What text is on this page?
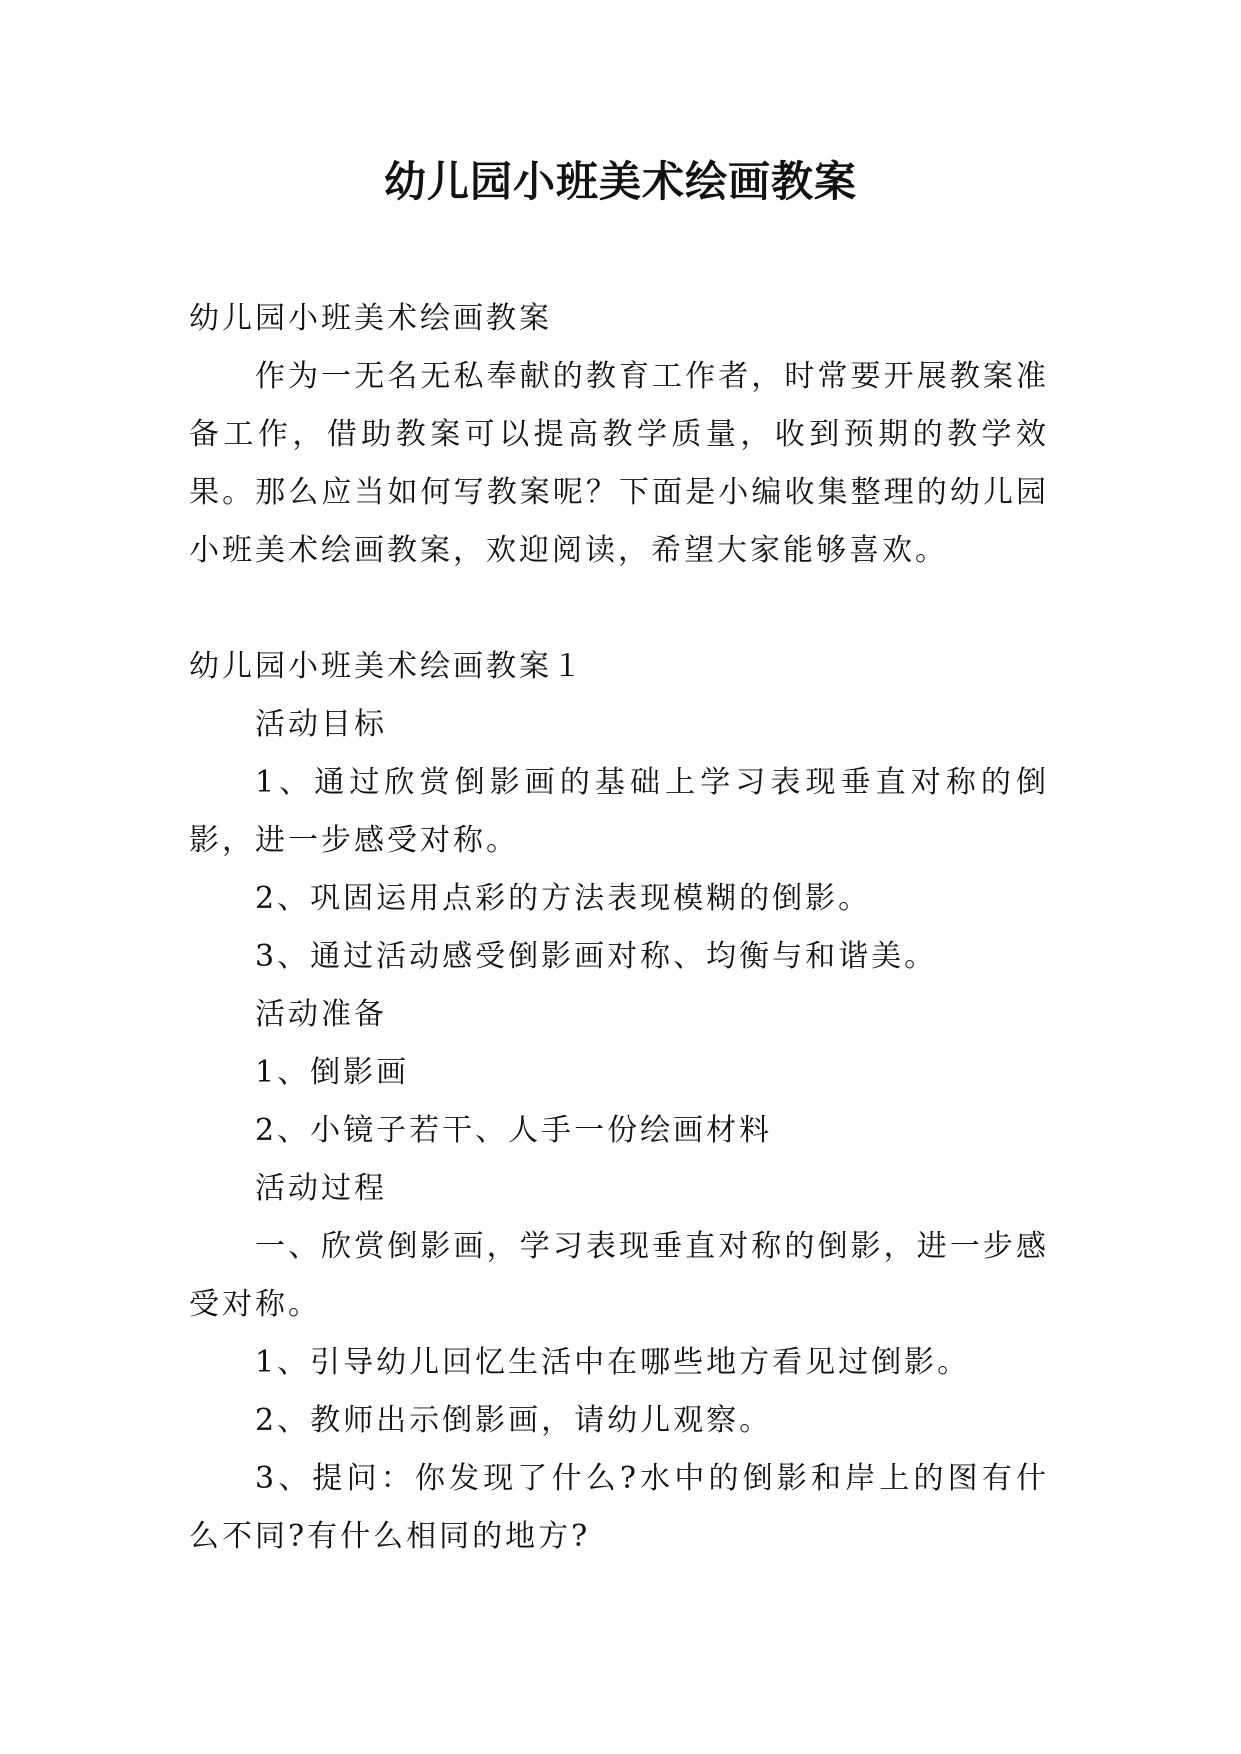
幼儿园小班美术绘画教案

幼儿园小班美术绘画教案

作为一无名无私奉献的教育工作者，时常要开展教案准备工作，借助教案可以提高教学质量，收到预期的教学效果。那么应当如何写教案呢？下面是小编收集整理的幼儿园小班美术绘画教案，欢迎阅读，希望大家能够喜欢。

幼儿园小班美术绘画教案１

活动目标

1、通过欣赏倒影画的基础上学习表现垂直对称的倒影，进一步感受对称。

2、巩固运用点彩的方法表现模糊的倒影。

3、通过活动感受倒影画对称、均衡与和谐美。

活动准备

1、倒影画

2、小镜子若干、人手一份绘画材料

活动过程

一、欣赏倒影画，学习表现垂直对称的倒影，进一步感受对称。

1、引导幼儿回忆生活中在哪些地方看见过倒影。

2、教师出示倒影画，请幼儿观察。

3、提问：你发现了什么?水中的倒影和岸上的图有什么不同?有什么相同的地方?
